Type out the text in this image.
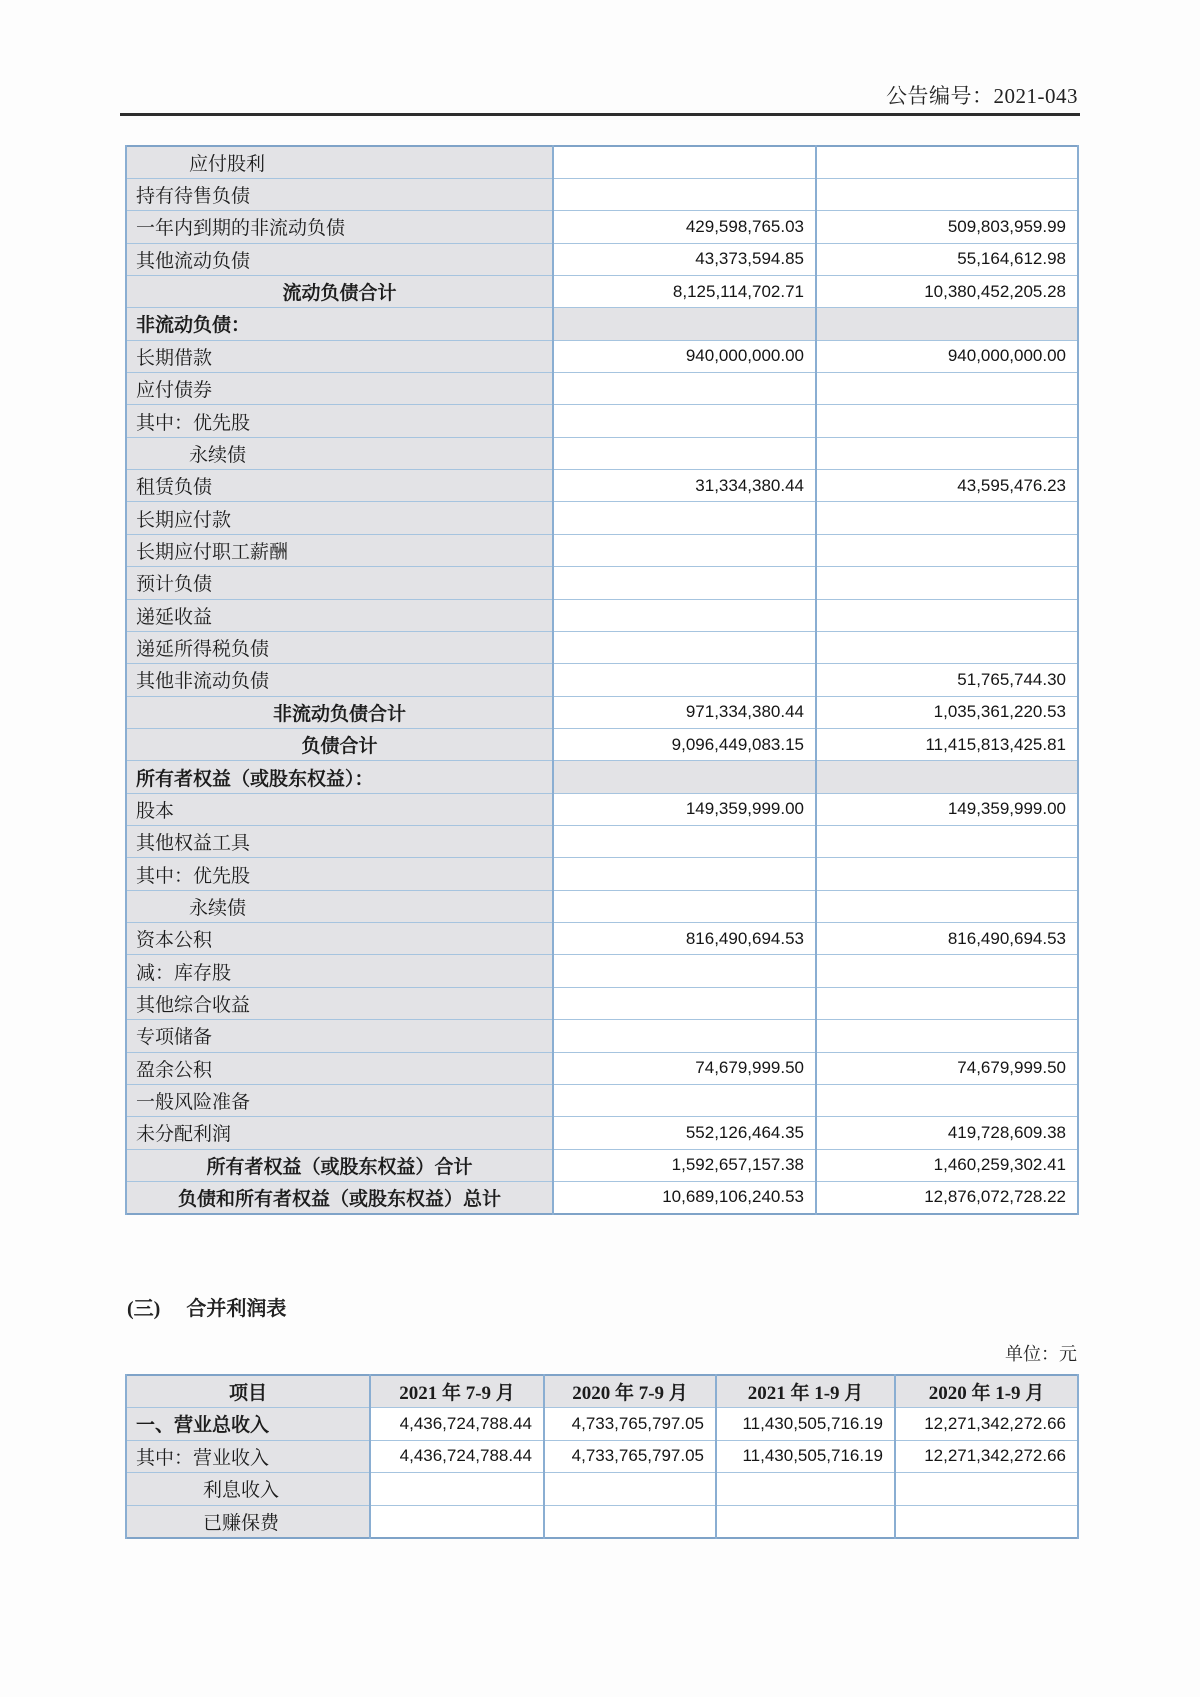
公告编号：2021-043
应付股利		
持有待售负债		
一年内到期的非流动负债	429,598,765.03	509,803,959.99
其他流动负债	43,373,594.85	55,164,612.98
流动负债合计	8,125,114,702.71	10,380,452,205.28
非流动负债：		
长期借款	940,000,000.00	940,000,000.00
应付债券		
其中：优先股		
永续债		
租赁负债	31,334,380.44	43,595,476.23
长期应付款		
长期应付职工薪酬		
预计负债		
递延收益		
递延所得税负债		
其他非流动负债		51,765,744.30
非流动负债合计	971,334,380.44	1,035,361,220.53
负债合计	9,096,449,083.15	11,415,813,425.81
所有者权益（或股东权益）：		
股本	149,359,999.00	149,359,999.00
其他权益工具		
其中：优先股		
永续债		
资本公积	816,490,694.53	816,490,694.53
减：库存股		
其他综合收益		
专项储备		
盈余公积	74,679,999.50	74,679,999.50
一般风险准备		
未分配利润	552,126,464.35	419,728,609.38
所有者权益（或股东权益）合计	1,592,657,157.38	1,460,259,302.41
负债和所有者权益（或股东权益）总计	10,689,106,240.53	12,876,072,728.22
(三) 合并利润表
单位：元
项目	2021 年 7-9 月	2020 年 7-9 月	2021 年 1-9 月	2020 年 1-9 月
一、营业总收入	4,436,724,788.44	4,733,765,797.05	11,430,505,716.19	12,271,342,272.66
其中：营业收入	4,436,724,788.44	4,733,765,797.05	11,430,505,716.19	12,271,342,272.66
利息收入				
已赚保费				
